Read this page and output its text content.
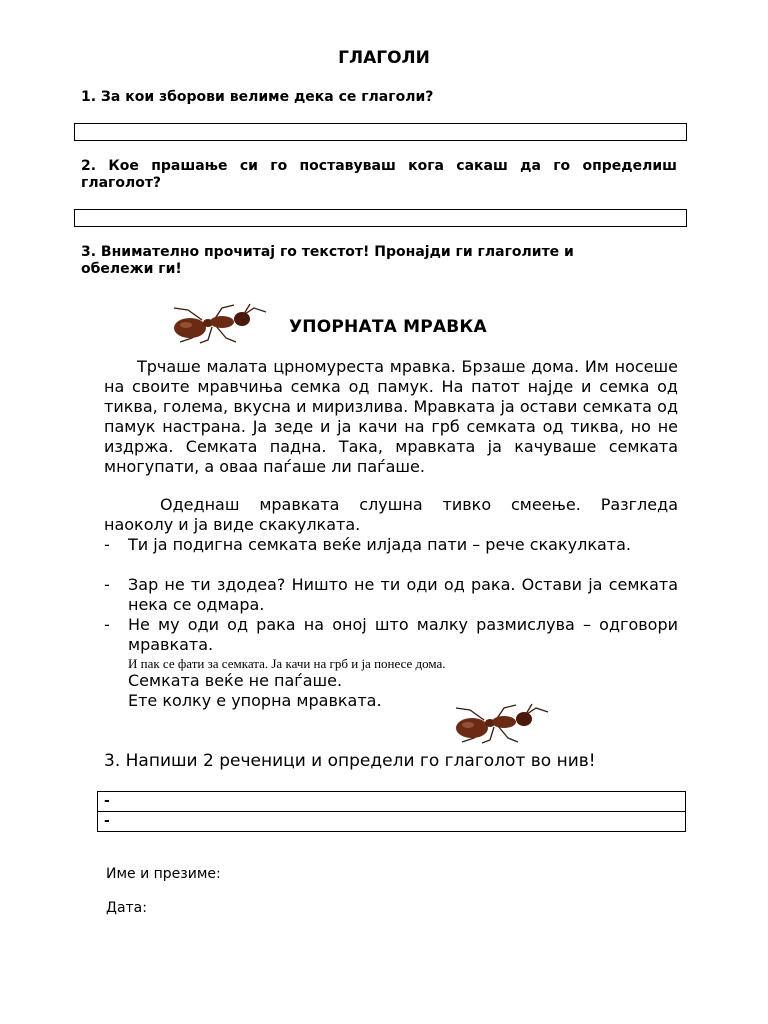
ГЛАГОЛИ
1. За кои зборови велиме дека се глаголи?
2. Кое прашање си го поставуваш кога сакаш да го определиш глаголот?
3. Внимателно прочитај го текстот! Пронајди ги глаголите и обележи ги!
УПОРНАТА МРАВКА
Трчаше малата црномуреста мравка. Брзаше дома. Им носеше на своите мравчиња семка од памук. На патот најде и семка од тиква, голема, вкусна и миризлива. Мравката ја остави семката од памук настрана. Ја зеде и ја качи на грб семката од тиква, но не издржа. Семката падна. Така, мравката ја качуваше семката многупати, а оваа паѓаше ли паѓаше.
Одеднаш мравката слушна тивко смеење. Разгледа наоколу и ја виде скакулката.
- Ти ја подигна семката веќе илјада пати – рече скакулката.
- Зар не ти здодеа? Ништо не ти оди од рака. Остави ја семката нека се одмара.
- Не му оди од рака на оној што малку размислува – одговори мравката.
И пак се фати за семката. Ја качи на грб и ја понесе дома.
Семката веќе не паѓаше.
Ете колку е упорна мравката.
3. Напиши 2 реченици и определи го глаголот во нив!
-
-
Име и презиме:
Дата:
